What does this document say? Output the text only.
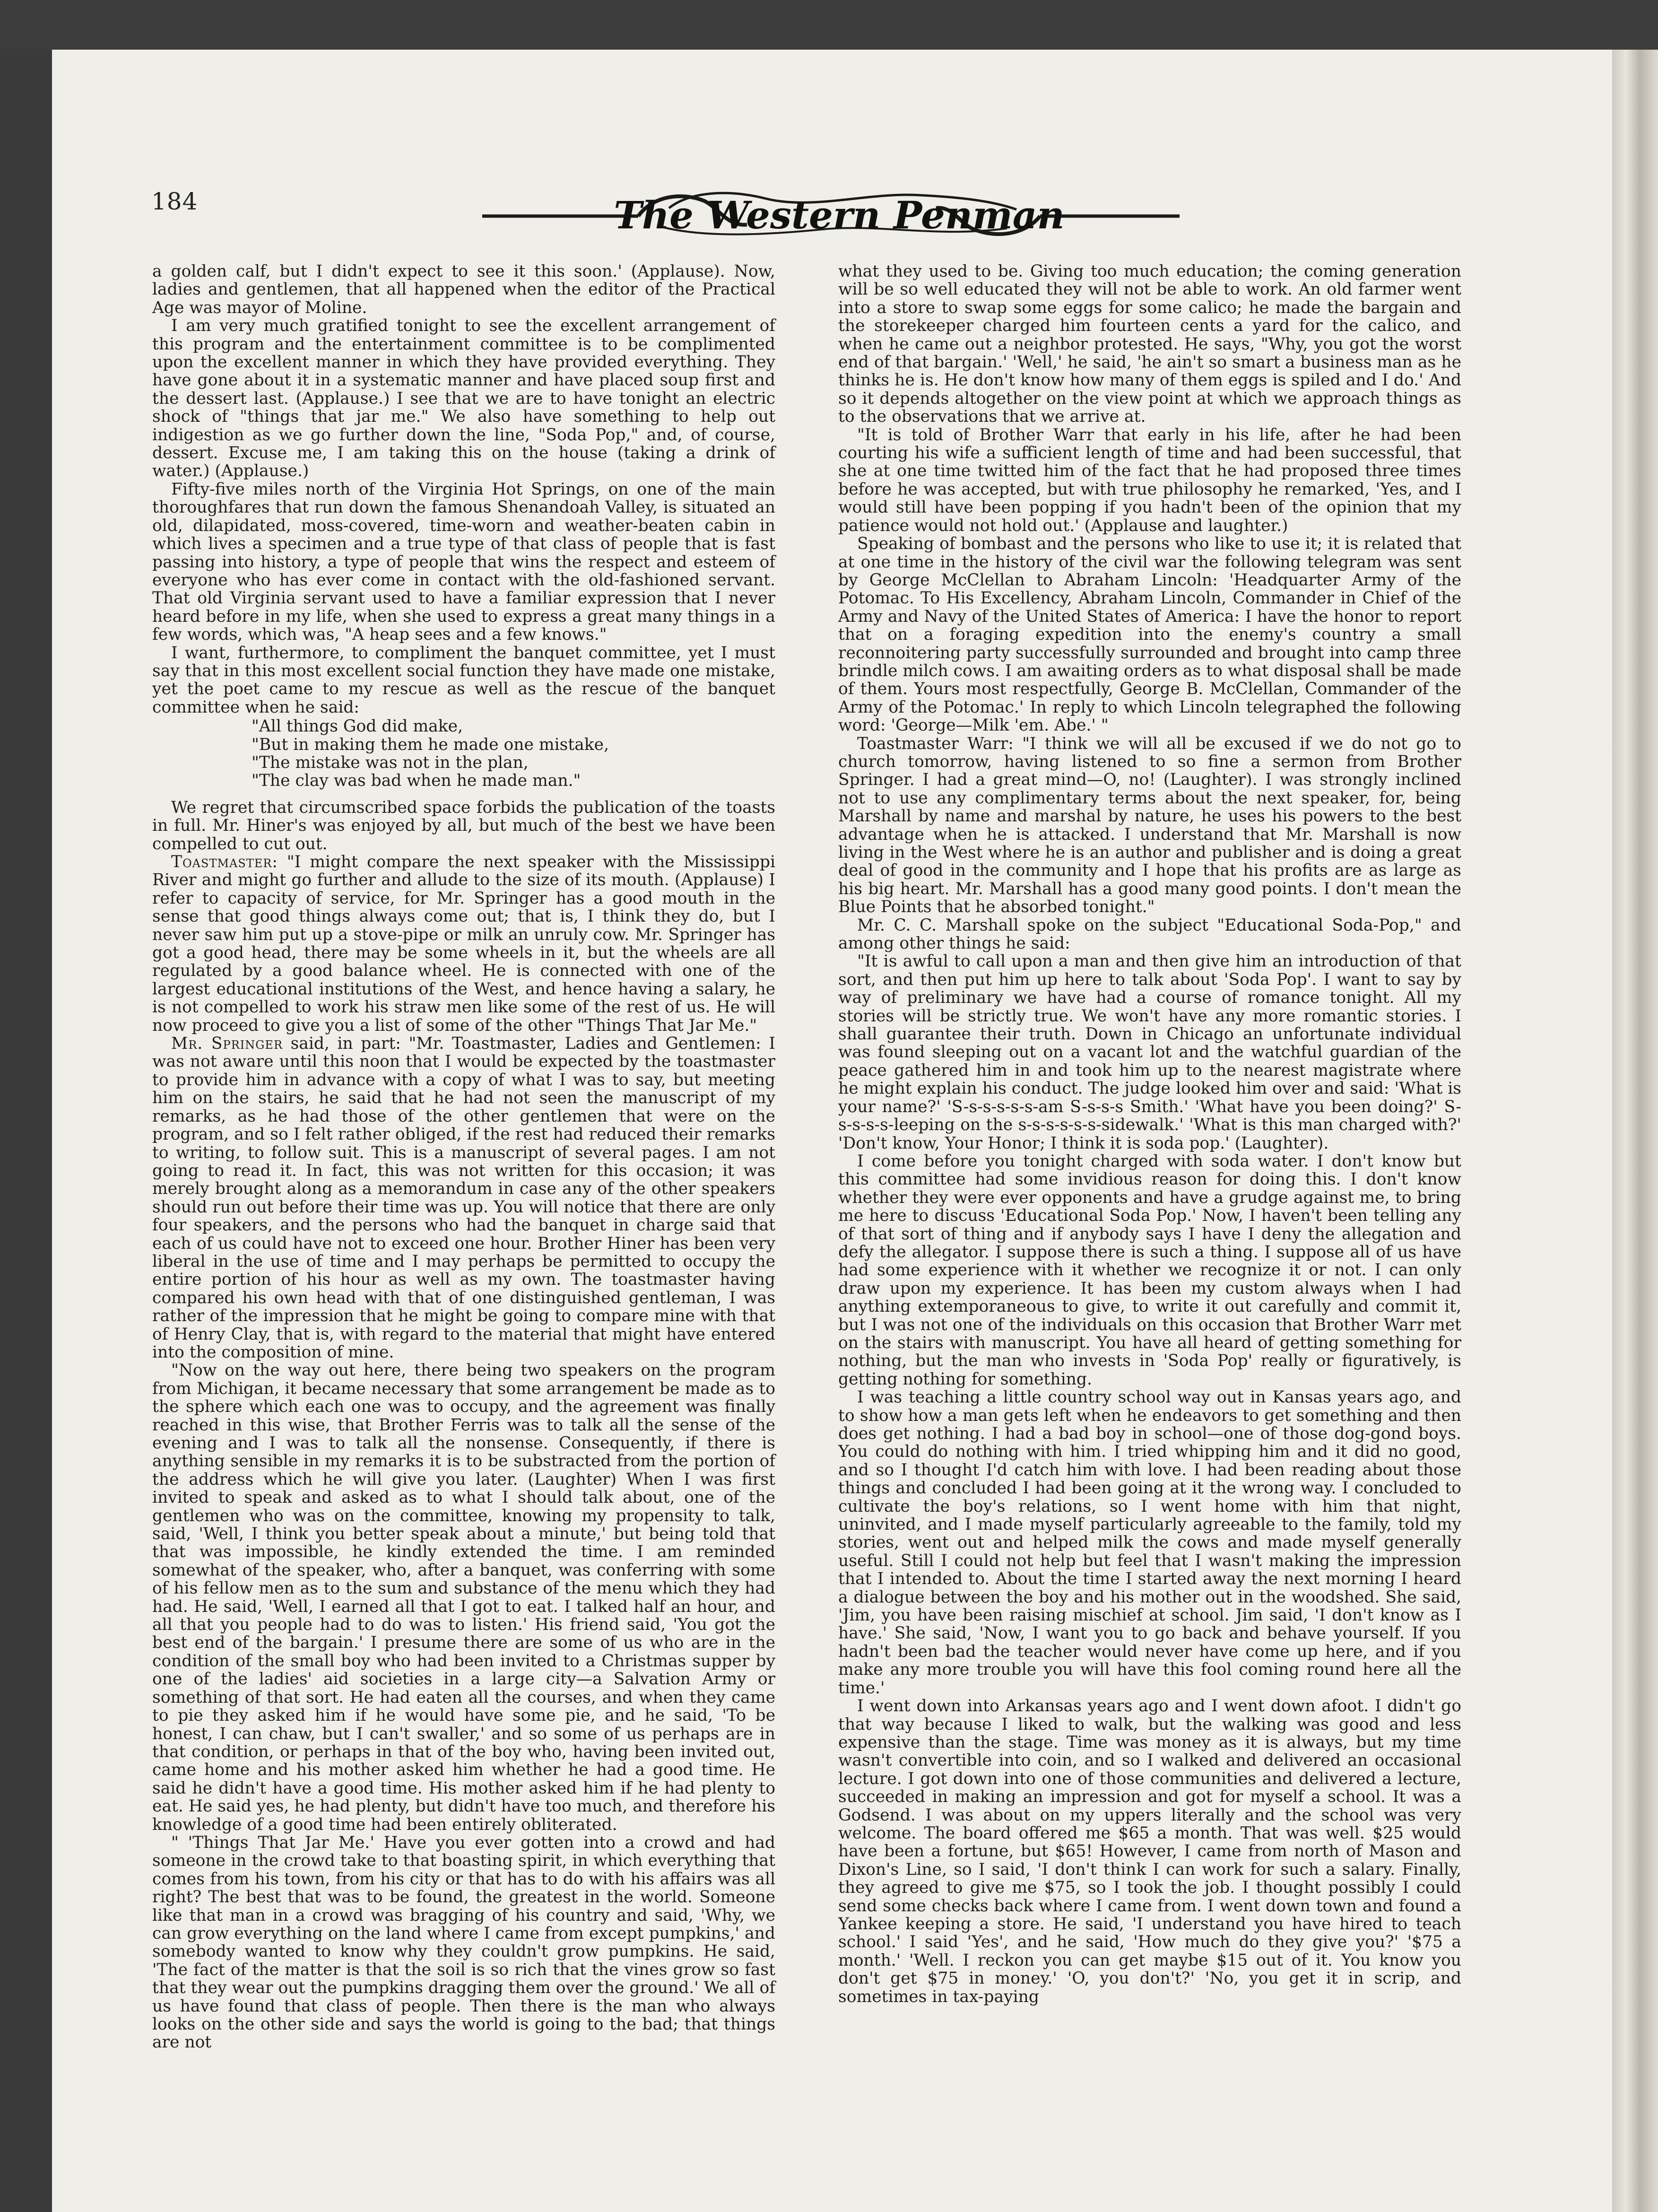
184	The Western Penman

a golden calf, but I didn't expect to see it this soon.' (Applause). Now, ladies and gentlemen, that all happened when the editor of the Practical Age was mayor of Moline.

I am very much gratified tonight to see the excellent arrangement of this program and the entertainment committee is to be complimented upon the excellent manner in which they have provided everything. They have gone about it in a systematic manner and have placed soup first and the dessert last. (Applause.) I see that we are to have tonight an electric shock of "things that jar me." We also have something to help out indigestion as we go further down the line, "Soda Pop," and, of course, dessert. Excuse me, I am taking this on the house (taking a drink of water.) (Applause.)

Fifty-five miles north of the Virginia Hot Springs, on one of the main thoroughfares that run down the famous Shenandoah Valley, is situated an old, dilapidated, moss-covered, time-worn and weather-beaten cabin in which lives a specimen and a true type of that class of people that is fast passing into history, a type of people that wins the respect and esteem of everyone who has ever come in contact with the old-fashioned servant. That old Virginia servant used to have a familiar expression that I never heard before in my life, when she used to express a great many things in a few words, which was, "A heap sees and a few knows."

I want, furthermore, to compliment the banquet committee, yet I must say that in this most excellent social function they have made one mistake, yet the poet came to my rescue as well as the rescue of the banquet committee when he said:

"All things God did make,
"But in making them he made one mistake,
"The mistake was not in the plan,
"The clay was bad when he made man."

We regret that circumscribed space forbids the publication of the toasts in full. Mr. Hiner's was enjoyed by all, but much of the best we have been compelled to cut out.

Toastmaster: "I might compare the next speaker with the Mississippi River and might go further and allude to the size of its mouth. (Applause) I refer to capacity of service, for Mr. Springer has a good mouth in the sense that good things always come out; that is, I think they do, but I never saw him put up a stove-pipe or milk an unruly cow. Mr. Springer has got a good head, there may be some wheels in it, but the wheels are all regulated by a good balance wheel. He is connected with one of the largest educational institutions of the West, and hence having a salary, he is not compelled to work his straw men like some of the rest of us. He will now proceed to give you a list of some of the other "Things That Jar Me."

Mr. Springer said, in part: "Mr. Toastmaster, Ladies and Gentlemen: I was not aware until this noon that I would be expected by the toastmaster to provide him in advance with a copy of what I was to say, but meeting him on the stairs, he said that he had not seen the manuscript of my remarks, as he had those of the other gentlemen that were on the program, and so I felt rather obliged, if the rest had reduced their remarks to writing, to follow suit. This is a manuscript of several pages. I am not going to read it. In fact, this was not written for this occasion; it was merely brought along as a memorandum in case any of the other speakers should run out before their time was up. You will notice that there are only four speakers, and the persons who had the banquet in charge said that each of us could have not to exceed one hour. Brother Hiner has been very liberal in the use of time and I may perhaps be permitted to occupy the entire portion of his hour as well as my own. The toastmaster having compared his own head with that of one distinguished gentleman, I was rather of the impression that he might be going to compare mine with that of Henry Clay, that is, with regard to the material that might have entered into the composition of mine.

"Now on the way out here, there being two speakers on the program from Michigan, it became necessary that some arrangement be made as to the sphere which each one was to occupy, and the agreement was finally reached in this wise, that Brother Ferris was to talk all the sense of the evening and I was to talk all the nonsense. Consequently, if there is anything sensible in my remarks it is to be substracted from the portion of the address which he will give you later. (Laughter) When I was first invited to speak and asked as to what I should talk about, one of the gentlemen who was on the committee, knowing my propensity to talk, said, 'Well, I think you better speak about a minute,' but being told that that was impossible, he kindly extended the time. I am reminded somewhat of the speaker, who, after a banquet, was conferring with some of his fellow men as to the sum and substance of the menu which they had had. He said, 'Well, I earned all that I got to eat. I talked half an hour, and all that you people had to do was to listen.' His friend said, 'You got the best end of the bargain.' I presume there are some of us who are in the condition of the small boy who had been invited to a Christmas supper by one of the ladies' aid societies in a large city—a Salvation Army or something of that sort. He had eaten all the courses, and when they came to pie they asked him if he would have some pie, and he said, 'To be honest, I can chaw, but I can't swaller,' and so some of us perhaps are in that condition, or perhaps in that of the boy who, having been invited out, came home and his mother asked him whether he had a good time. He said he didn't have a good time. His mother asked him if he had plenty to eat. He said yes, he had plenty, but didn't have too much, and therefore his knowledge of a good time had been entirely obliterated.

" 'Things That Jar Me.' Have you ever gotten into a crowd and had someone in the crowd take to that boasting spirit, in which everything that comes from his town, from his city or that has to do with his affairs was all right? The best that was to be found, the greatest in the world. Someone like that man in a crowd was bragging of his country and said, 'Why, we can grow everything on the land where I came from except pumpkins,' and somebody wanted to know why they couldn't grow pumpkins. He said, 'The fact of the matter is that the soil is so rich that the vines grow so fast that they wear out the pumpkins dragging them over the ground.' We all of us have found that class of people. Then there is the man who always looks on the other side and says the world is going to the bad; that things are not

what they used to be. Giving too much education; the coming generation will be so well educated they will not be able to work. An old farmer went into a store to swap some eggs for some calico; he made the bargain and the storekeeper charged him fourteen cents a yard for the calico, and when he came out a neighbor protested. He says, "Why, you got the worst end of that bargain.' 'Well,' he said, 'he ain't so smart a business man as he thinks he is. He don't know how many of them eggs is spiled and I do.' And so it depends altogether on the view point at which we approach things as to the observations that we arrive at.

"It is told of Brother Warr that early in his life, after he had been courting his wife a sufficient length of time and had been successful, that she at one time twitted him of the fact that he had proposed three times before he was accepted, but with true philosophy he remarked, 'Yes, and I would still have been popping if you hadn't been of the opinion that my patience would not hold out.' (Applause and laughter.)

Speaking of bombast and the persons who like to use it; it is related that at one time in the history of the civil war the following telegram was sent by George McClellan to Abraham Lincoln: 'Headquarter Army of the Potomac. To His Excellency, Abraham Lincoln, Commander in Chief of the Army and Navy of the United States of America: I have the honor to report that on a foraging expedition into the enemy's country a small reconnoitering party successfully surrounded and brought into camp three brindle milch cows. I am awaiting orders as to what disposal shall be made of them. Yours most respectfully, George B. McClellan, Commander of the Army of the Potomac.' In reply to which Lincoln telegraphed the following word: 'George—Milk 'em. Abe.' "

Toastmaster Warr: "I think we will all be excused if we do not go to church tomorrow, having listened to so fine a sermon from Brother Springer. I had a great mind—O, no! (Laughter). I was strongly inclined not to use any complimentary terms about the next speaker, for, being Marshall by name and marshal by nature, he uses his powers to the best advantage when he is attacked. I understand that Mr. Marshall is now living in the West where he is an author and publisher and is doing a great deal of good in the community and I hope that his profits are as large as his big heart. Mr. Marshall has a good many good points. I don't mean the Blue Points that he absorbed tonight."

Mr. C. C. Marshall spoke on the subject "Educational Soda-Pop," and among other things he said:

"It is awful to call upon a man and then give him an introduction of that sort, and then put him up here to talk about 'Soda Pop'. I want to say by way of preliminary we have had a course of romance tonight. All my stories will be strictly true. We won't have any more romantic stories. I shall guarantee their truth. Down in Chicago an unfortunate individual was found sleeping out on a vacant lot and the watchful guardian of the peace gathered him in and took him up to the nearest magistrate where he might explain his conduct. The judge looked him over and said: 'What is your name?' 'S-s-s-s-s-s-am S-s-s-s Smith.' 'What have you been doing?' S-s-s-s-s-leeping on the s-s-s-s-s-s-sidewalk.' 'What is this man charged with?' 'Don't know, Your Honor; I think it is soda pop.' (Laughter).

I come before you tonight charged with soda water. I don't know but this committee had some invidious reason for doing this. I don't know whether they were ever opponents and have a grudge against me, to bring me here to discuss 'Educational Soda Pop.' Now, I haven't been telling any of that sort of thing and if anybody says I have I deny the allegation and defy the allegator. I suppose there is such a thing. I suppose all of us have had some experience with it whether we recognize it or not. I can only draw upon my experience. It has been my custom always when I had anything extemporaneous to give, to write it out carefully and commit it, but I was not one of the individuals on this occasion that Brother Warr met on the stairs with manuscript. You have all heard of getting something for nothing, but the man who invests in 'Soda Pop' really or figuratively, is getting nothing for something.

I was teaching a little country school way out in Kansas years ago, and to show how a man gets left when he endeavors to get something and then does get nothing. I had a bad boy in school—one of those dog-gond boys. You could do nothing with him. I tried whipping him and it did no good, and so I thought I'd catch him with love. I had been reading about those things and concluded I had been going at it the wrong way. I concluded to cultivate the boy's relations, so I went home with him that night, uninvited, and I made myself particularly agreeable to the family, told my stories, went out and helped milk the cows and made myself generally useful. Still I could not help but feel that I wasn't making the impression that I intended to. About the time I started away the next morning I heard a dialogue between the boy and his mother out in the woodshed. She said, 'Jim, you have been raising mischief at school. Jim said, 'I don't know as I have.' She said, 'Now, I want you to go back and behave yourself. If you hadn't been bad the teacher would never have come up here, and if you make any more trouble you will have this fool coming round here all the time.'

I went down into Arkansas years ago and I went down afoot. I didn't go that way because I liked to walk, but the walking was good and less expensive than the stage. Time was money as it is always, but my time wasn't convertible into coin, and so I walked and delivered an occasional lecture. I got down into one of those communities and delivered a lecture, succeeded in making an impression and got for myself a school. It was a Godsend. I was about on my uppers literally and the school was very welcome. The board offered me $65 a month. That was well. $25 would have been a fortune, but $65! However, I came from north of Mason and Dixon's Line, so I said, 'I don't think I can work for such a salary. Finally, they agreed to give me $75, so I took the job. I thought possibly I could send some checks back where I came from. I went down town and found a Yankee keeping a store. He said, 'I understand you have hired to teach school.' I said 'Yes', and he said, 'How much do they give you?' '$75 a month.' 'Well. I reckon you can get maybe $15 out of it. You know you don't get $75 in money.' 'O, you don't?' 'No, you get it in scrip, and sometimes in tax-paying
